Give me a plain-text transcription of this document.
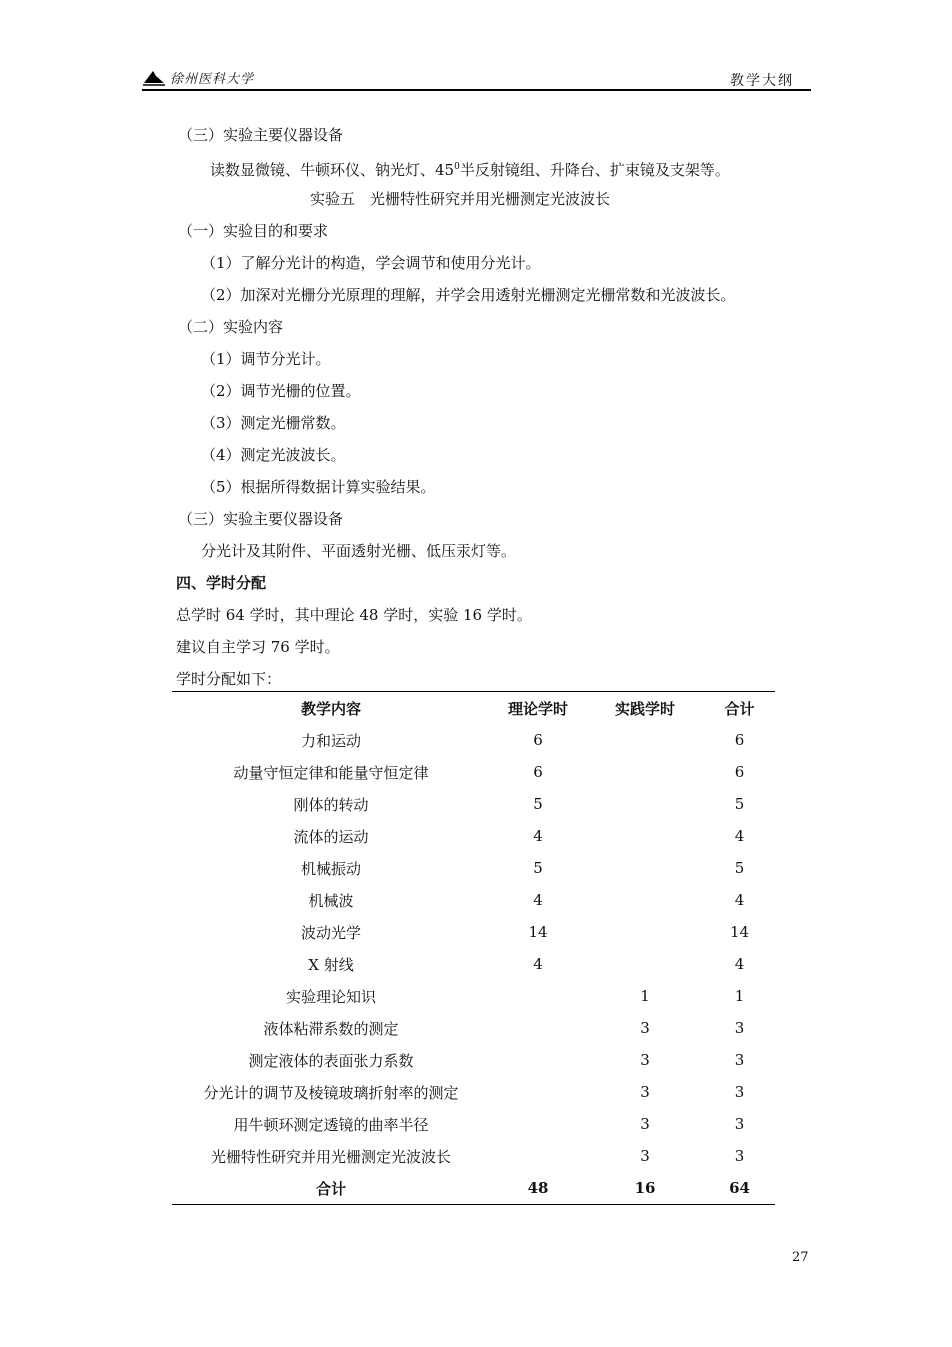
徐州医科大学	教学大纲
（三）实验主要仪器设备
读数显微镜、牛顿环仪、钠光灯、$45^0$半反射镜组、升降台、扩束镜及支架等。
实验五　光栅特性研究并用光栅测定光波波长
（一）实验目的和要求
（1）了解分光计的构造，学会调节和使用分光计。
（2）加深对光栅分光原理的理解，并学会用透射光栅测定光栅常数和光波波长。
（二）实验内容
（1）调节分光计。
（2）调节光栅的位置。
（3）测定光栅常数。
（4）测定光波波长。
（5）根据所得数据计算实验结果。
（三）实验主要仪器设备
分光计及其附件、平面透射光栅、低压汞灯等。
四、学时分配
总学时 64 学时，其中理论 48 学时，实验 16 学时。
建议自主学习 76 学时。
学时分配如下：
教学内容	理论学时	实践学时	合计
力和运动	6		6
动量守恒定律和能量守恒定律	6		6
刚体的转动	5		5
流体的运动	4		4
机械振动	5		5
机械波	4		4
波动光学	14		14
X 射线	4		4
实验理论知识		1	1
液体粘滞系数的测定		3	3
测定液体的表面张力系数		3	3
分光计的调节及棱镜玻璃折射率的测定		3	3
用牛顿环测定透镜的曲率半径		3	3
光栅特性研究并用光栅测定光波波长		3	3
合计	48	16	64
27
